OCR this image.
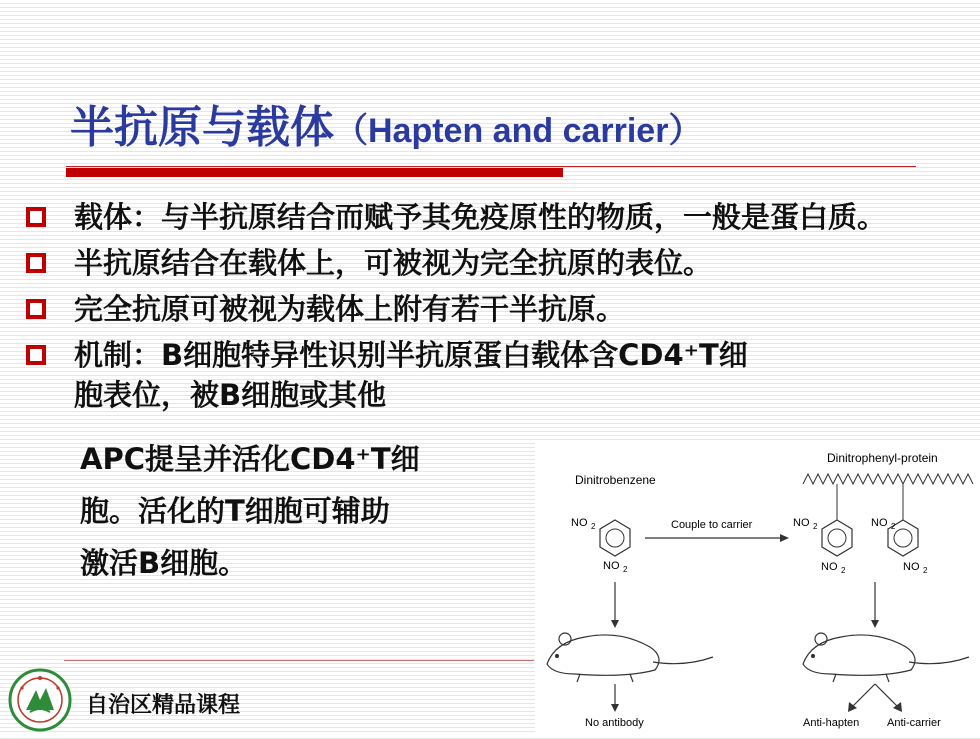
半抗原与载体（Hapten and carrier）
载体：与半抗原结合而赋予其免疫原性的物质，一般是蛋白质。
半抗原结合在载体上，可被视为完全抗原的表位。
完全抗原可被视为载体上附有若干半抗原。
机制：B细胞特异性识别半抗原蛋白载体含CD4⁺T细
胞表位，被B细胞或其他
APC提呈并活化CD4⁺T细
胞。活化的T细胞可辅助
激活B细胞。
自治区精品课程
Dinitrobenzene
Dinitrophenyl-protein
NO 2
NO 2
Couple to carrier	NO 2
NO 2
NO 2
NO 2
No antibody	Anti-hapten	Anti-carrier
